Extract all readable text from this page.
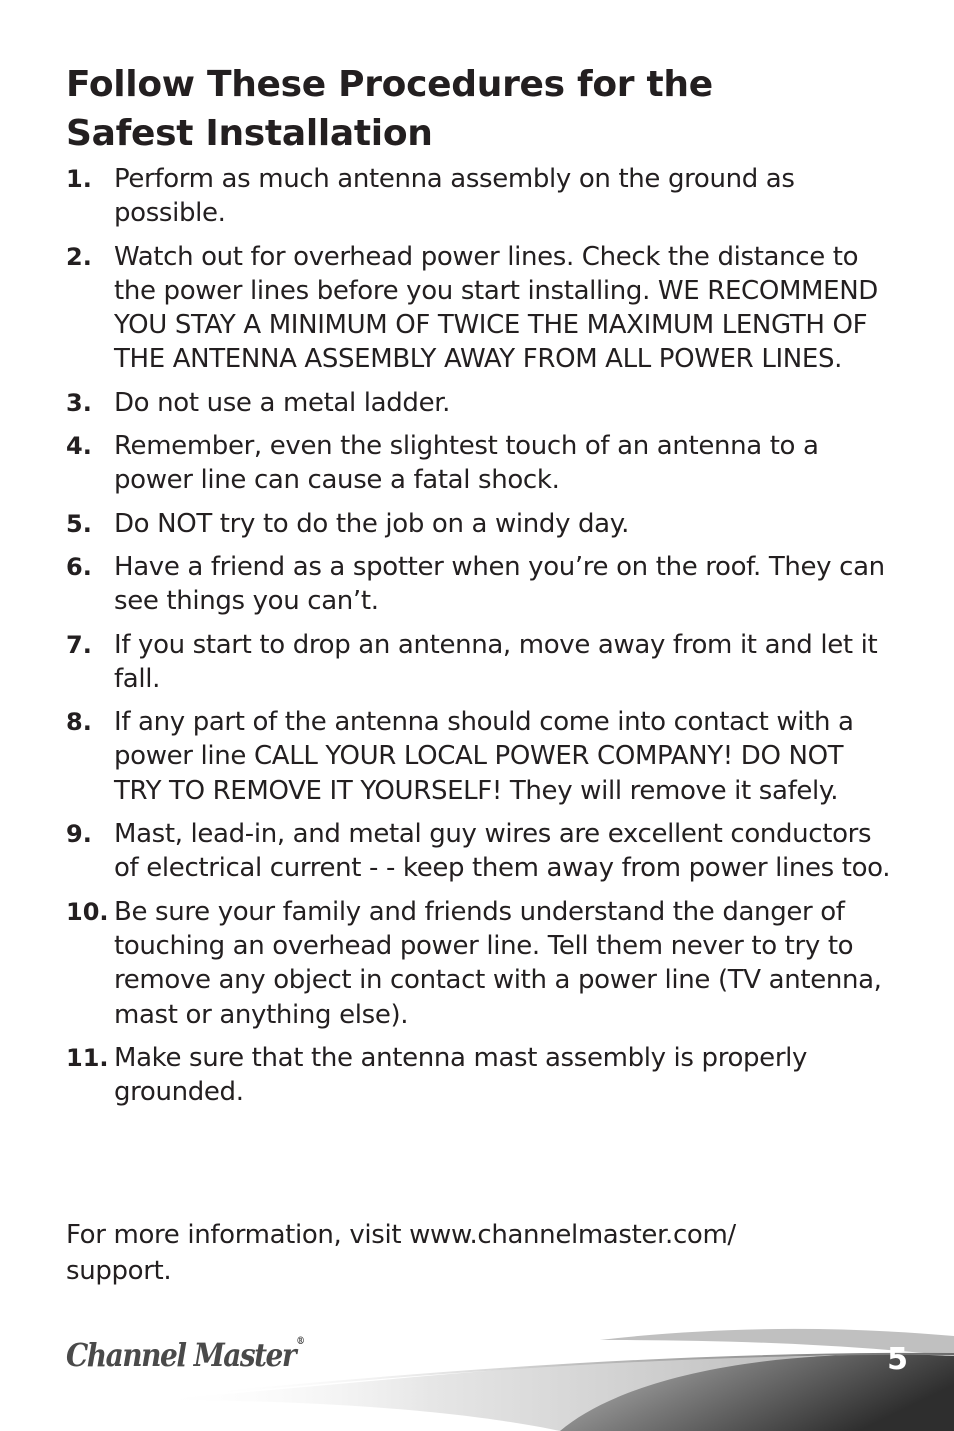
Follow These Procedures for the
Safest Installation
1. Perform as much antenna assembly on the ground as possible.
2. Watch out for overhead power lines. Check the distance to the power lines before you start installing. WE RECOMMEND YOU STAY A MINIMUM OF TWICE THE MAXIMUM LENGTH OF THE ANTENNA ASSEMBLY AWAY FROM ALL POWER LINES.
3. Do not use a metal ladder.
4. Remember, even the slightest touch of an antenna to a power line can cause a fatal shock.
5. Do NOT try to do the job on a windy day.
6. Have a friend as a spotter when you’re on the roof. They can see things you can’t.
7. If you start to drop an antenna, move away from it and let it fall.
8. If any part of the antenna should come into contact with a power line CALL YOUR LOCAL POWER COMPANY! DO NOT TRY TO REMOVE IT YOURSELF! They will remove it safely.
9. Mast, lead-in, and metal guy wires are excellent conductors of electrical current - - keep them away from power lines too.
10. Be sure your family and friends understand the danger of touching an overhead power line. Tell them never to try to remove any object in contact with a power line (TV antenna, mast or anything else).
11. Make sure that the antenna mast assembly is properly grounded.

For more information, visit www.channelmaster.com/
support.

Channel Master®
5
